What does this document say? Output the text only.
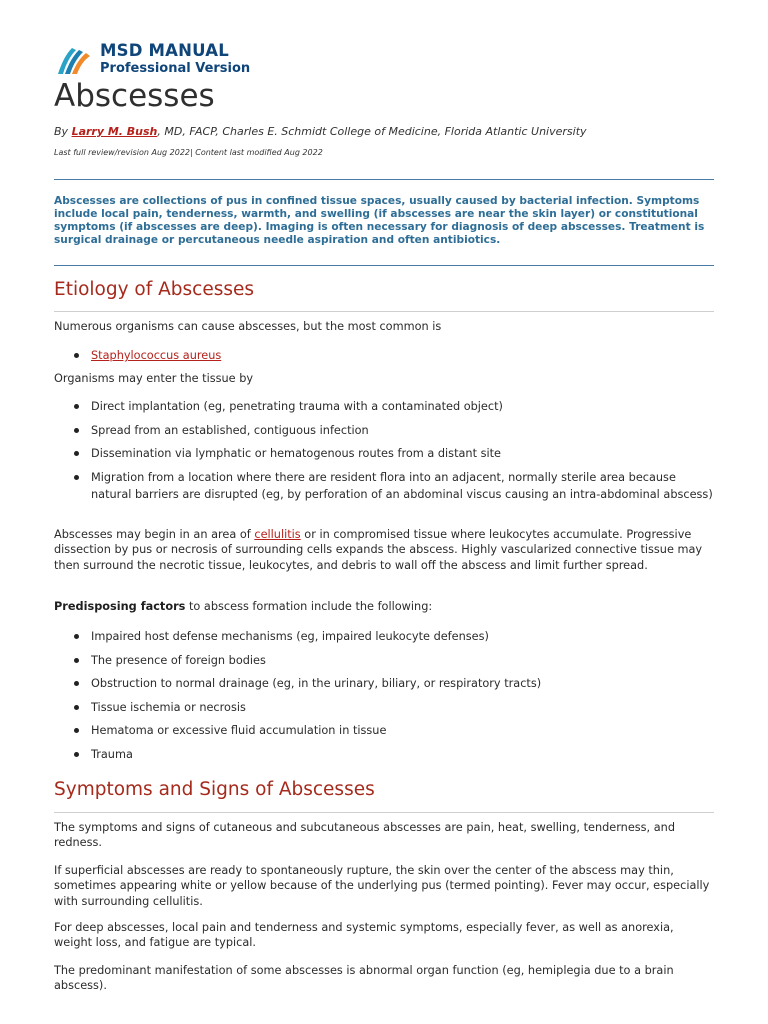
MSD MANUAL
Professional Version
Abscesses
By Larry M. Bush, MD, FACP, Charles E. Schmidt College of Medicine, Florida Atlantic University
Last full review/revision Aug 2022| Content last modified Aug 2022
Abscesses are collections of pus in confined tissue spaces, usually caused by bacterial infection. Symptoms include local pain, tenderness, warmth, and swelling (if abscesses are near the skin layer) or constitutional symptoms (if abscesses are deep). Imaging is often necessary for diagnosis of deep abscesses. Treatment is surgical drainage or percutaneous needle aspiration and often antibiotics.
Etiology of Abscesses
Numerous organisms can cause abscesses, but the most common is
Staphylococcus aureus
Organisms may enter the tissue by
Direct implantation (eg, penetrating trauma with a contaminated object)
Spread from an established, contiguous infection
Dissemination via lymphatic or hematogenous routes from a distant site
Migration from a location where there are resident flora into an adjacent, normally sterile area because natural barriers are disrupted (eg, by perforation of an abdominal viscus causing an intra-abdominal abscess)
Abscesses may begin in an area of cellulitis or in compromised tissue where leukocytes accumulate. Progressive dissection by pus or necrosis of surrounding cells expands the abscess. Highly vascularized connective tissue may then surround the necrotic tissue, leukocytes, and debris to wall off the abscess and limit further spread.
Predisposing factors to abscess formation include the following:
Impaired host defense mechanisms (eg, impaired leukocyte defenses)
The presence of foreign bodies
Obstruction to normal drainage (eg, in the urinary, biliary, or respiratory tracts)
Tissue ischemia or necrosis
Hematoma or excessive fluid accumulation in tissue
Trauma
Symptoms and Signs of Abscesses
The symptoms and signs of cutaneous and subcutaneous abscesses are pain, heat, swelling, tenderness, and redness.
If superficial abscesses are ready to spontaneously rupture, the skin over the center of the abscess may thin, sometimes appearing white or yellow because of the underlying pus (termed pointing). Fever may occur, especially with surrounding cellulitis.
For deep abscesses, local pain and tenderness and systemic symptoms, especially fever, as well as anorexia, weight loss, and fatigue are typical.
The predominant manifestation of some abscesses is abnormal organ function (eg, hemiplegia due to a brain abscess).
